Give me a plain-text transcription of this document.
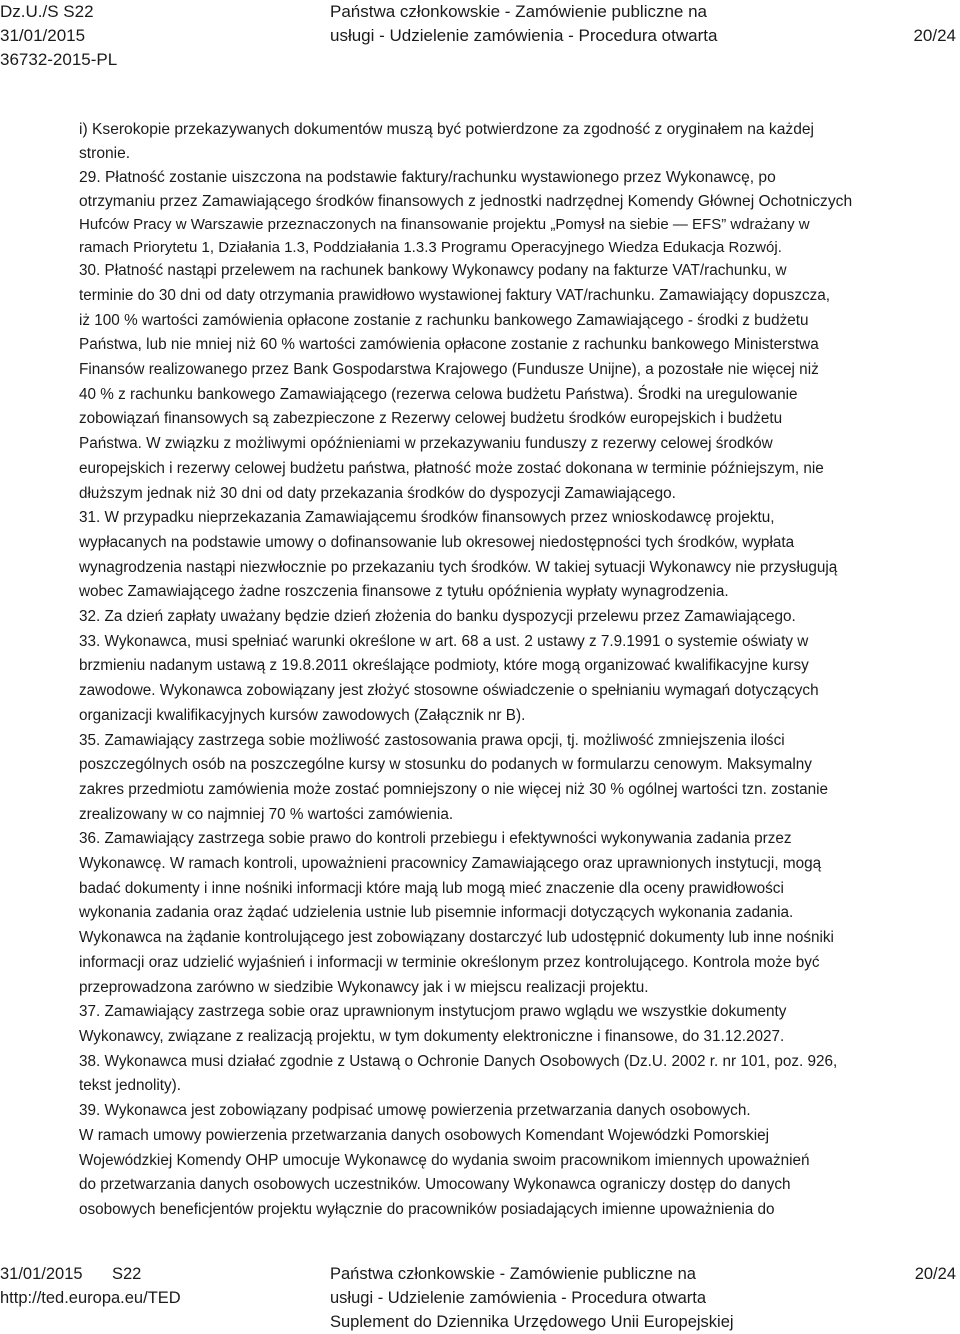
Dz.U./S S22
31/01/2015
36732-2015-PL
Państwa członkowskie - Zamówienie publiczne na
usługi - Udzielenie zamówienia - Procedura otwarta	20/24
i) Kserokopie przekazywanych dokumentów muszą być potwierdzone za zgodność z oryginałem na każdej
stronie.
29. Płatność zostanie uiszczona na podstawie faktury/rachunku wystawionego przez Wykonawcę, po
otrzymaniu przez Zamawiającego środków finansowych z jednostki nadrzędnej Komendy Głównej Ochotniczych
Hufców Pracy w Warszawie przeznaczonych na finansowanie projektu „Pomysł na siebie — EFS” wdrażany w
ramach Priorytetu 1, Działania 1.3, Poddziałania 1.3.3 Programu Operacyjnego Wiedza Edukacja Rozwój.
30. Płatność nastąpi przelewem na rachunek bankowy Wykonawcy podany na fakturze VAT/rachunku, w
terminie do 30 dni od daty otrzymania prawidłowo wystawionej faktury VAT/rachunku. Zamawiający dopuszcza,
iż 100 % wartości zamówienia opłacone zostanie z rachunku bankowego Zamawiającego - środki z budżetu
Państwa, lub nie mniej niż 60 % wartości zamówienia opłacone zostanie z rachunku bankowego Ministerstwa
Finansów realizowanego przez Bank Gospodarstwa Krajowego (Fundusze Unijne), a pozostałe nie więcej niż
40 % z rachunku bankowego Zamawiającego (rezerwa celowa budżetu Państwa). Środki na uregulowanie
zobowiązań finansowych są zabezpieczone z Rezerwy celowej budżetu środków europejskich i budżetu
Państwa. W związku z możliwymi opóźnieniami w przekazywaniu funduszy z rezerwy celowej środków
europejskich i rezerwy celowej budżetu państwa, płatność może zostać dokonana w terminie późniejszym, nie
dłuższym jednak niż 30 dni od daty przekazania środków do dyspozycji Zamawiającego.
31. W przypadku nieprzekazania Zamawiającemu środków finansowych przez wnioskodawcę projektu,
wypłacanych na podstawie umowy o dofinansowanie lub okresowej niedostępności tych środków, wypłata
wynagrodzenia nastąpi niezwłocznie po przekazaniu tych środków. W takiej sytuacji Wykonawcy nie przysługują
wobec Zamawiającego żadne roszczenia finansowe z tytułu opóźnienia wypłaty wynagrodzenia.
32. Za dzień zapłaty uważany będzie dzień złożenia do banku dyspozycji przelewu przez Zamawiającego.
33. Wykonawca, musi spełniać warunki określone w art. 68 a ust. 2 ustawy z 7.9.1991 o systemie oświaty w
brzmieniu nadanym ustawą z 19.8.2011 określające podmioty, które mogą organizować kwalifikacyjne kursy
zawodowe. Wykonawca zobowiązany jest złożyć stosowne oświadczenie o spełnianiu wymagań dotyczących
organizacji kwalifikacyjnych kursów zawodowych (Załącznik nr B).
35. Zamawiający zastrzega sobie możliwość zastosowania prawa opcji, tj. możliwość zmniejszenia ilości
poszczególnych osób na poszczególne kursy w stosunku do podanych w formularzu cenowym. Maksymalny
zakres przedmiotu zamówienia może zostać pomniejszony o nie więcej niż 30 % ogólnej wartości tzn. zostanie
zrealizowany w co najmniej 70 % wartości zamówienia.
36. Zamawiający zastrzega sobie prawo do kontroli przebiegu i efektywności wykonywania zadania przez
Wykonawcę. W ramach kontroli, upoważnieni pracownicy Zamawiającego oraz uprawnionych instytucji, mogą
badać dokumenty i inne nośniki informacji które mają lub mogą mieć znaczenie dla oceny prawidłowości
wykonania zadania oraz żądać udzielenia ustnie lub pisemnie informacji dotyczących wykonania zadania.
Wykonawca na żądanie kontrolującego jest zobowiązany dostarczyć lub udostępnić dokumenty lub inne nośniki
informacji oraz udzielić wyjaśnień i informacji w terminie określonym przez kontrolującego. Kontrola może być
przeprowadzona zarówno w siedzibie Wykonawcy jak i w miejscu realizacji projektu.
37. Zamawiający zastrzega sobie oraz uprawnionym instytucjom prawo wglądu we wszystkie dokumenty
Wykonawcy, związane z realizacją projektu, w tym dokumenty elektroniczne i finansowe, do 31.12.2027.
38. Wykonawca musi działać zgodnie z Ustawą o Ochronie Danych Osobowych (Dz.U. 2002 r. nr 101, poz. 926,
tekst jednolity).
39. Wykonawca jest zobowiązany podpisać umowę powierzenia przetwarzania danych osobowych.
W ramach umowy powierzenia przetwarzania danych osobowych Komendant Wojewódzki Pomorskiej
Wojewódzkiej Komendy OHP umocuje Wykonawcę do wydania swoim pracownikom imiennych upoważnień
do przetwarzania danych osobowych uczestników. Umocowany Wykonawca ograniczy dostęp do danych
osobowych beneficjentów projektu wyłącznie do pracowników posiadających imienne upoważnienia do
31/01/2015 S22
http://ted.europa.eu/TED
Państwa członkowskie - Zamówienie publiczne na
usługi - Udzielenie zamówienia - Procedura otwarta
Suplement do Dziennika Urzędowego Unii Europejskiej
20/24
